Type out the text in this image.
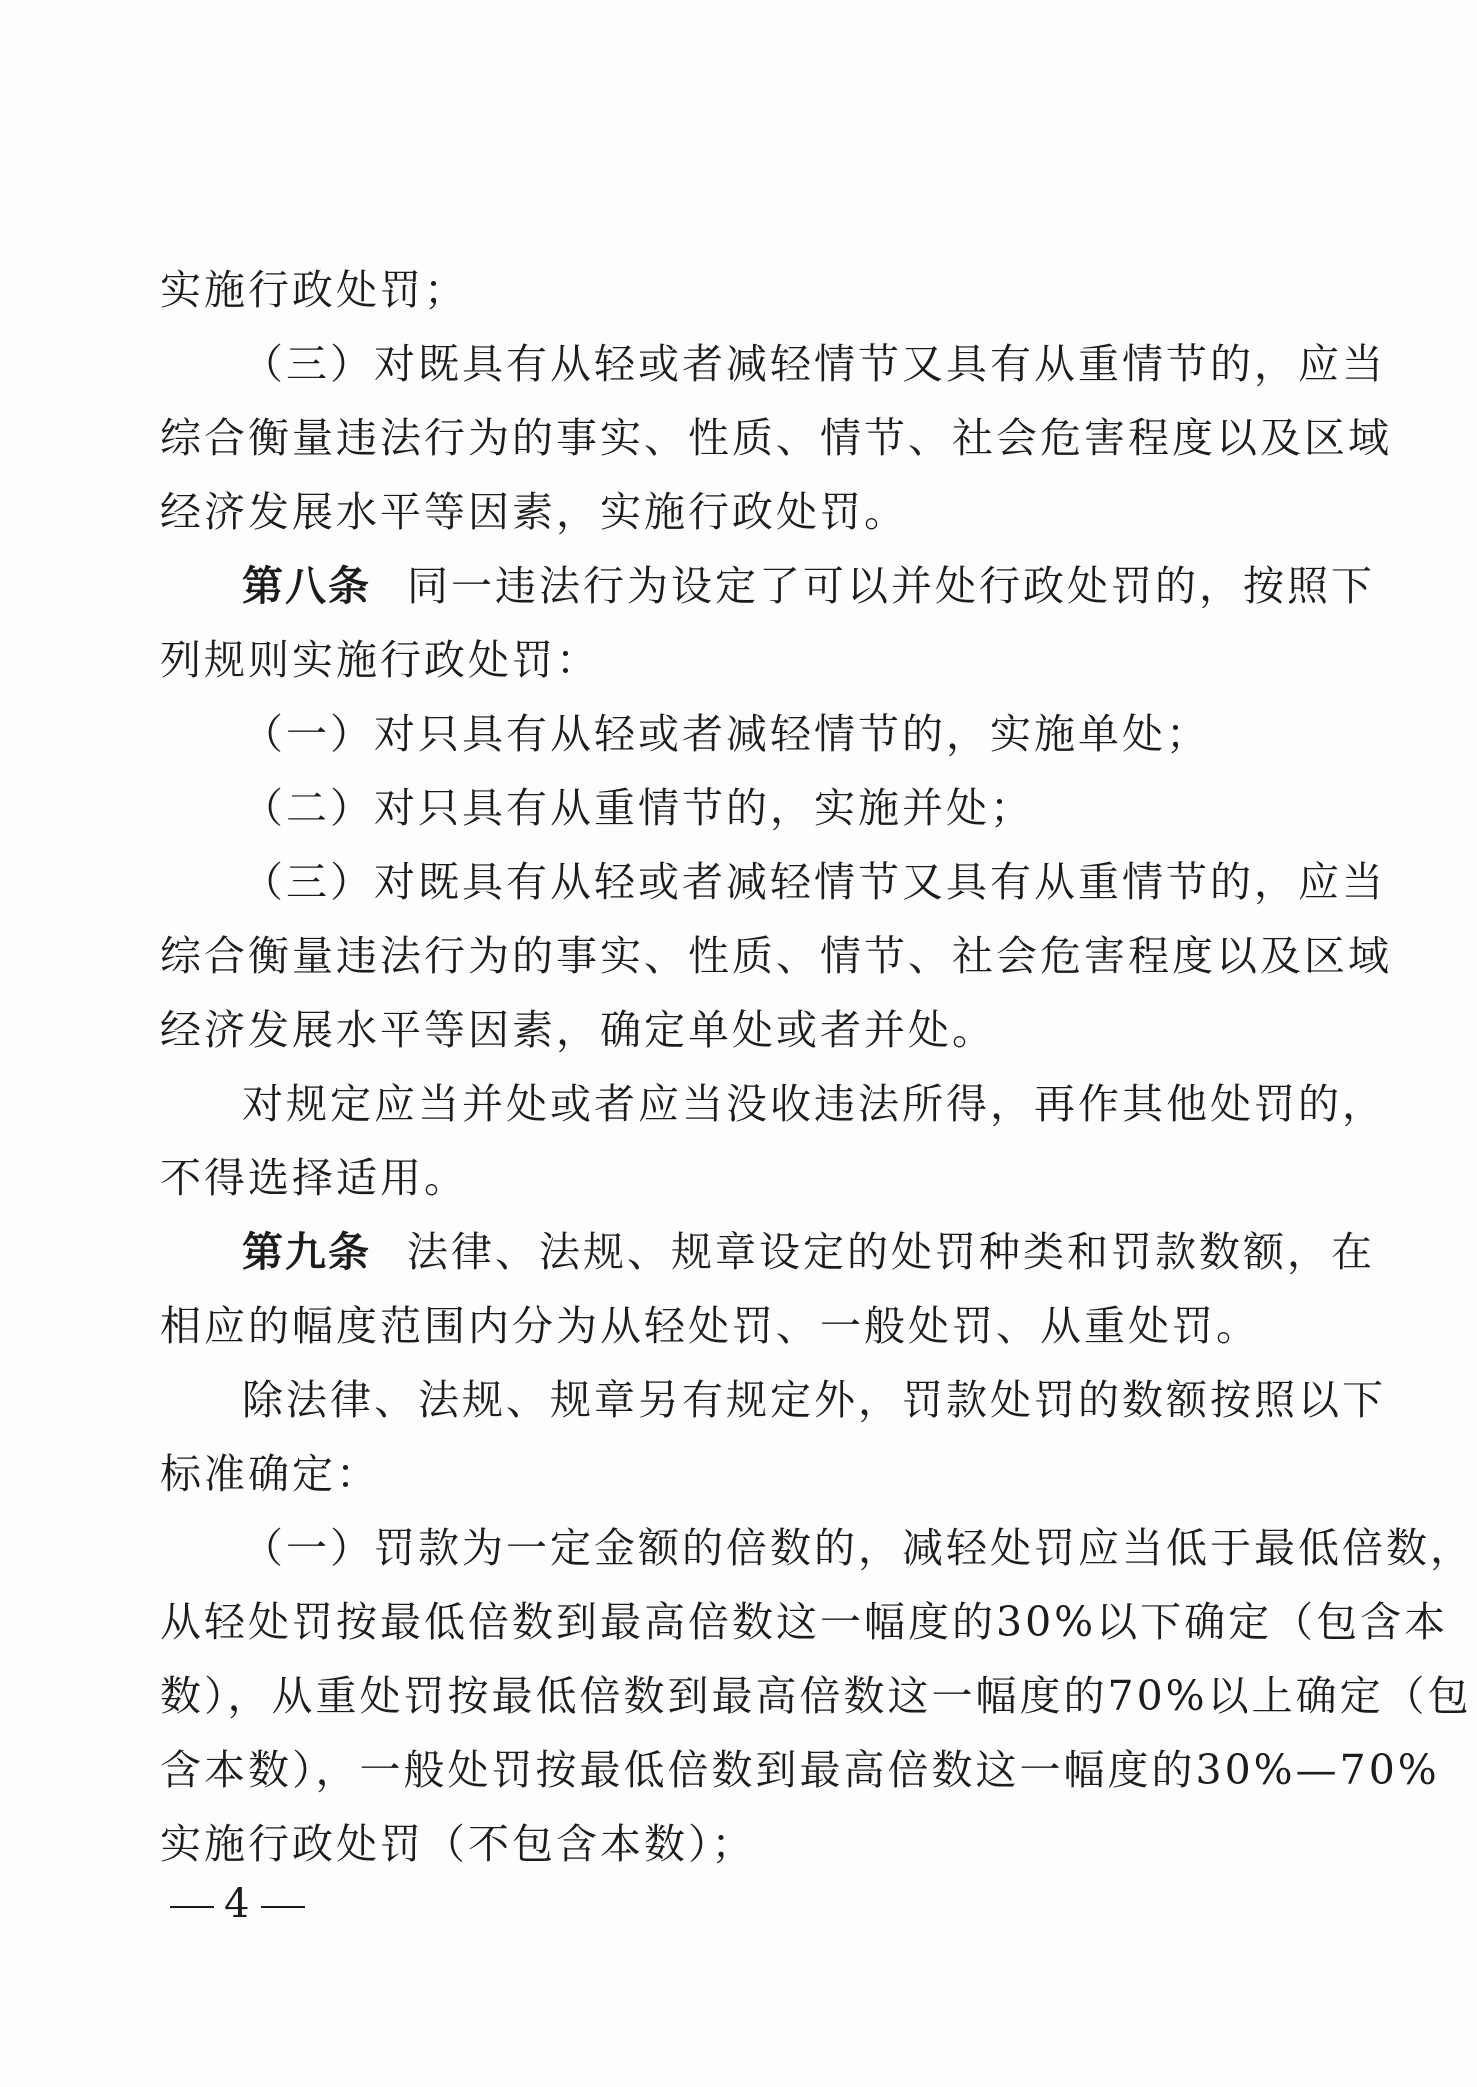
实施行政处罚；
（三）对既具有从轻或者减轻情节又具有从重情节的，应当
综合衡量违法行为的事实、性质、情节、社会危害程度以及区域
经济发展水平等因素，实施行政处罚。
第八条 同一违法行为设定了可以并处行政处罚的，按照下
列规则实施行政处罚：
（一）对只具有从轻或者减轻情节的，实施单处；
（二）对只具有从重情节的，实施并处；
（三）对既具有从轻或者减轻情节又具有从重情节的，应当
综合衡量违法行为的事实、性质、情节、社会危害程度以及区域
经济发展水平等因素，确定单处或者并处。
对规定应当并处或者应当没收违法所得，再作其他处罚的，
不得选择适用。
第九条 法律、法规、规章设定的处罚种类和罚款数额，在
相应的幅度范围内分为从轻处罚、一般处罚、从重处罚。
除法律、法规、规章另有规定外，罚款处罚的数额按照以下
标准确定：
（一）罚款为一定金额的倍数的，减轻处罚应当低于最低倍数，
从轻处罚按最低倍数到最高倍数这一幅度的30%以下确定（包含本
数），从重处罚按最低倍数到最高倍数这一幅度的70%以上确定（包
含本数），一般处罚按最低倍数到最高倍数这一幅度的30%—70%
实施行政处罚（不包含本数）；
4
